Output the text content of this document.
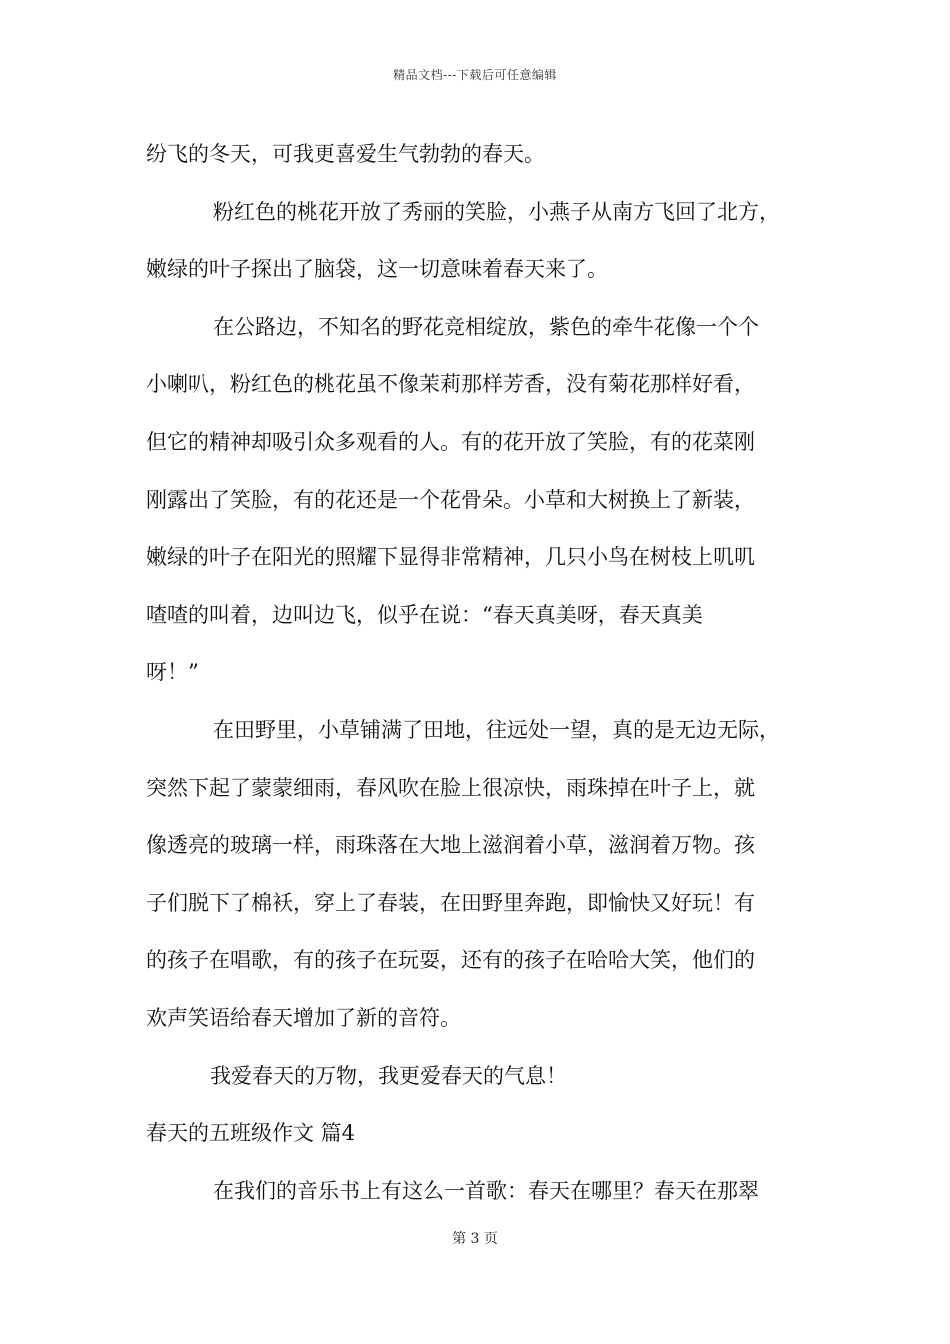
精品文档---下载后可任意编辑
纷飞的冬天，可我更喜爱生气勃勃的春天。
粉红色的桃花开放了秀丽的笑脸，小燕子从南方飞回了北方，
嫩绿的叶子探出了脑袋，这一切意味着春天来了。
在公路边，不知名的野花竞相绽放，紫色的牵牛花像一个个
小喇叭，粉红色的桃花虽不像茉莉那样芳香，没有菊花那样好看，
但它的精神却吸引众多观看的人。有的花开放了笑脸，有的花菜刚
刚露出了笑脸，有的花还是一个花骨朵。小草和大树换上了新装，
嫩绿的叶子在阳光的照耀下显得非常精神，几只小鸟在树枝上叽叽
喳喳的叫着，边叫边飞，似乎在说：“春天真美呀，春天真美
呀！”
在田野里，小草铺满了田地，往远处一望，真的是无边无际，
突然下起了蒙蒙细雨，春风吹在脸上很凉快，雨珠掉在叶子上，就
像透亮的玻璃一样，雨珠落在大地上滋润着小草，滋润着万物。孩
子们脱下了棉袄，穿上了春装，在田野里奔跑，即愉快又好玩！有
的孩子在唱歌，有的孩子在玩耍，还有的孩子在哈哈大笑，他们的
欢声笑语给春天增加了新的音符。
我爱春天的万物，我更爱春天的气息！
春天的五班级作文 篇4
在我们的音乐书上有这么一首歌：春天在哪里？春天在那翠
第 3 页
